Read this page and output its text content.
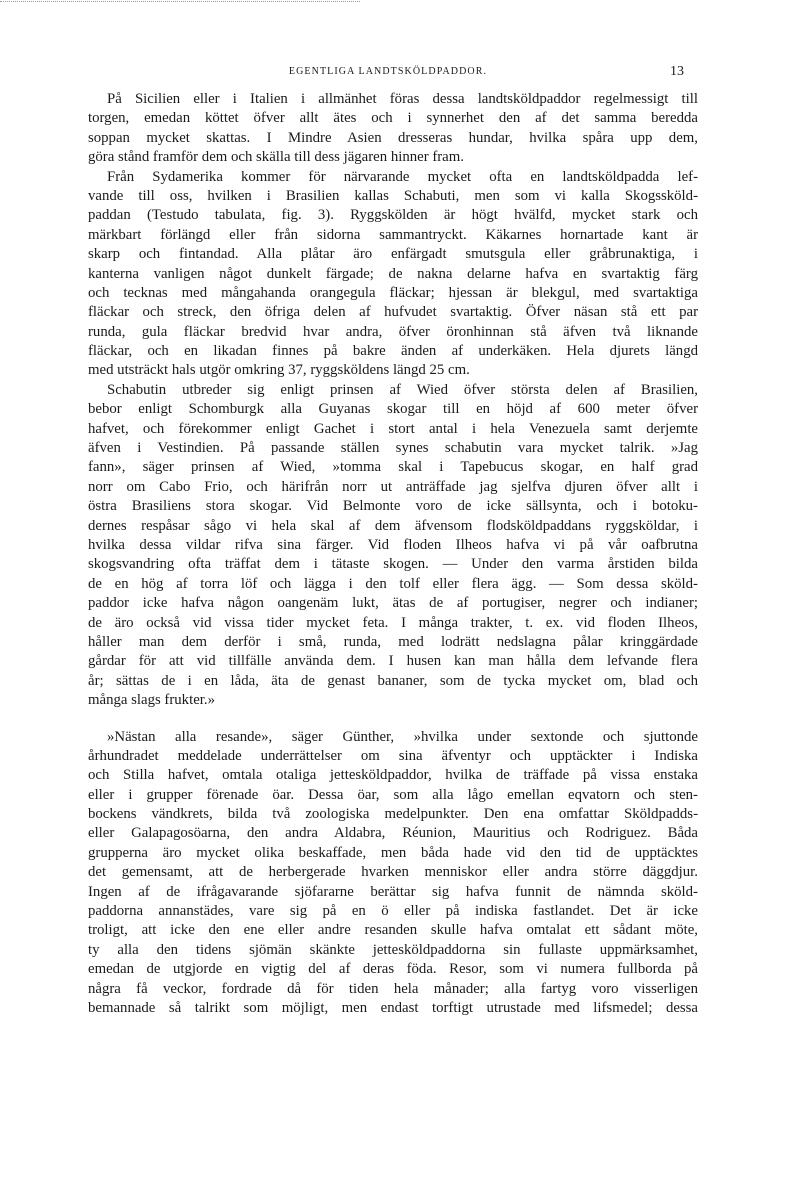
EGENTLIGA LANDTSKÖLDPADDOR.	13
På Sicilien eller i Italien i allmänhet föras dessa landtsköldpaddor regelmessigt till
torgen, emedan köttet öfver allt ätes och i synnerhet den af det samma beredda
soppan mycket skattas. I Mindre Asien dresseras hundar, hvilka spåra upp dem,
göra stånd framför dem och skälla till dess jägaren hinner fram.
Från Sydamerika kommer för närvarande mycket ofta en landtsköldpadda lef-
vande till oss, hvilken i Brasilien kallas Schabuti, men som vi kalla Skogssköld-
paddan (Testudo tabulata, fig. 3). Ryggskölden är högt hvälfd, mycket stark och
märkbart förlängd eller från sidorna sammantryckt. Käkarnes hornartade kant är
skarp och fintandad. Alla plåtar äro enfärgadt smutsgula eller gråbrunaktiga, i
kanterna vanligen något dunkelt färgade; de nakna delarne hafva en svartaktig färg
och tecknas med mångahanda orangegula fläckar; hjessan är blekgul, med svartaktiga
fläckar och streck, den öfriga delen af hufvudet svartaktig. Öfver näsan stå ett par
runda, gula fläckar bredvid hvar andra, öfver öronhinnan stå äfven två liknande
fläckar, och en likadan finnes på bakre änden af underkäken. Hela djurets längd
med utsträckt hals utgör omkring 37, ryggsköldens längd 25 cm.
Schabutin utbreder sig enligt prinsen af Wied öfver största delen af Brasilien,
bebor enligt Schomburgk alla Guyanas skogar till en höjd af 600 meter öfver
hafvet, och förekommer enligt Gachet i stort antal i hela Venezuela samt derjemte
äfven i Vestindien. På passande ställen synes schabutin vara mycket talrik. »Jag
fann», säger prinsen af Wied, »tomma skal i Tapebucus skogar, en half grad
norr om Cabo Frio, och härifrån norr ut anträffade jag sjelfva djuren öfver allt i
östra Brasiliens stora skogar. Vid Belmonte voro de icke sällsynta, och i botoku-
dernes respåsar sågo vi hela skal af dem äfvensom flodsköldpaddans ryggsköldar, i
hvilka dessa vildar rifva sina färger. Vid floden Ilheos hafva vi på vår oafbrutna
skogsvandring ofta träffat dem i tätaste skogen. — Under den varma årstiden bilda
de en hög af torra löf och lägga i den tolf eller flera ägg. — Som dessa sköld-
paddor icke hafva någon oangenäm lukt, ätas de af portugiser, negrer och indianer;
de äro också vid vissa tider mycket feta. I många trakter, t. ex. vid floden Ilheos,
håller man dem derför i små, runda, med lodrätt nedslagna pålar kringgärdade
gårdar för att vid tillfälle använda dem. I husen kan man hålla dem lefvande flera
år; sättas de i en låda, äta de genast bananer, som de tycka mycket om, blad och
många slags frukter.»
»Nästan alla resande», säger Günther, »hvilka under sextonde och sjuttonde
århundradet meddelade underrättelser om sina äfventyr och upptäckter i Indiska
och Stilla hafvet, omtala otaliga jettesköldpaddor, hvilka de träffade på vissa enstaka
eller i grupper förenade öar. Dessa öar, som alla lågo emellan eqvatorn och sten-
bockens vändkrets, bilda två zoologiska medelpunkter. Den ena omfattar Sköldpadds-
eller Galapagosöarna, den andra Aldabra, Réunion, Mauritius och Rodriguez. Båda
grupperna äro mycket olika beskaffade, men båda hade vid den tid de upptäcktes
det gemensamt, att de herbergerade hvarken menniskor eller andra större däggdjur.
Ingen af de ifrågavarande sjöfararne berättar sig hafva funnit de nämnda sköld-
paddorna annanstädes, vare sig på en ö eller på indiska fastlandet. Det är icke
troligt, att icke den ene eller andre resanden skulle hafva omtalat ett sådant möte,
ty alla den tidens sjömän skänkte jettesköldpaddorna sin fullaste uppmärksamhet,
emedan de utgjorde en vigtig del af deras föda. Resor, som vi numera fullborda på
några få veckor, fordrade då för tiden hela månader; alla fartyg voro visserligen
bemannade så talrikt som möjligt, men endast torftigt utrustade med lifsmedel; dessa
